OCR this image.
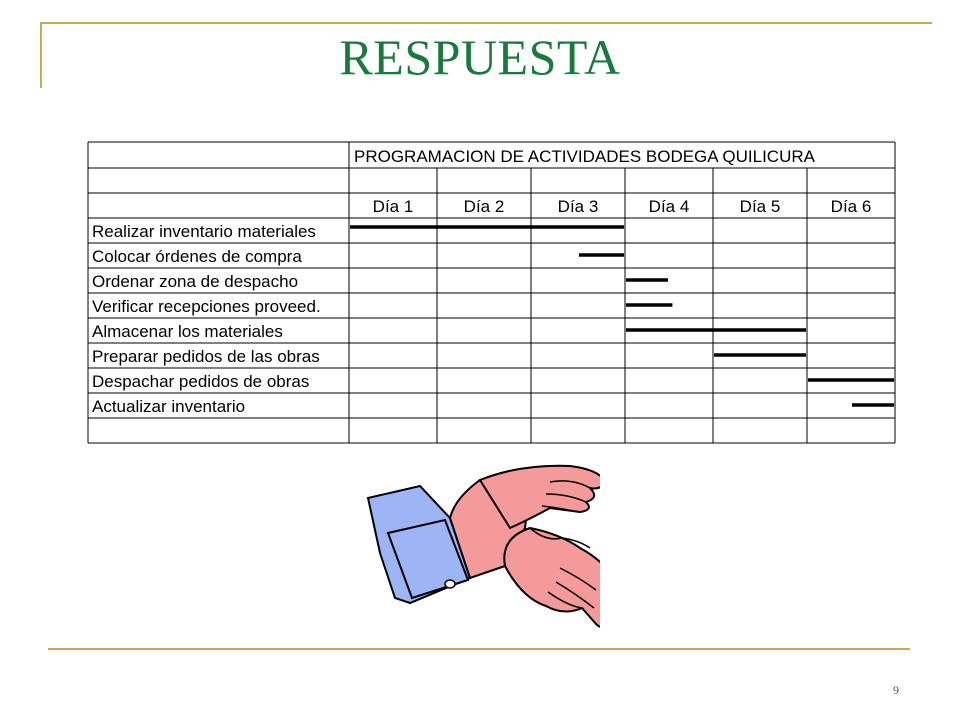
RESPUESTA
PROGRAMACION DE ACTIVIDADES BODEGA QUILICURA
Día 1	Día 2	Día 3	Día 4	Día 5	Día 6
Realizar inventario materiales
Colocar órdenes de compra
Ordenar zona de despacho
Verificar recepciones proveed.
Almacenar los materiales
Preparar pedidos de las obras
Despachar pedidos de obras
Actualizar inventario
9
